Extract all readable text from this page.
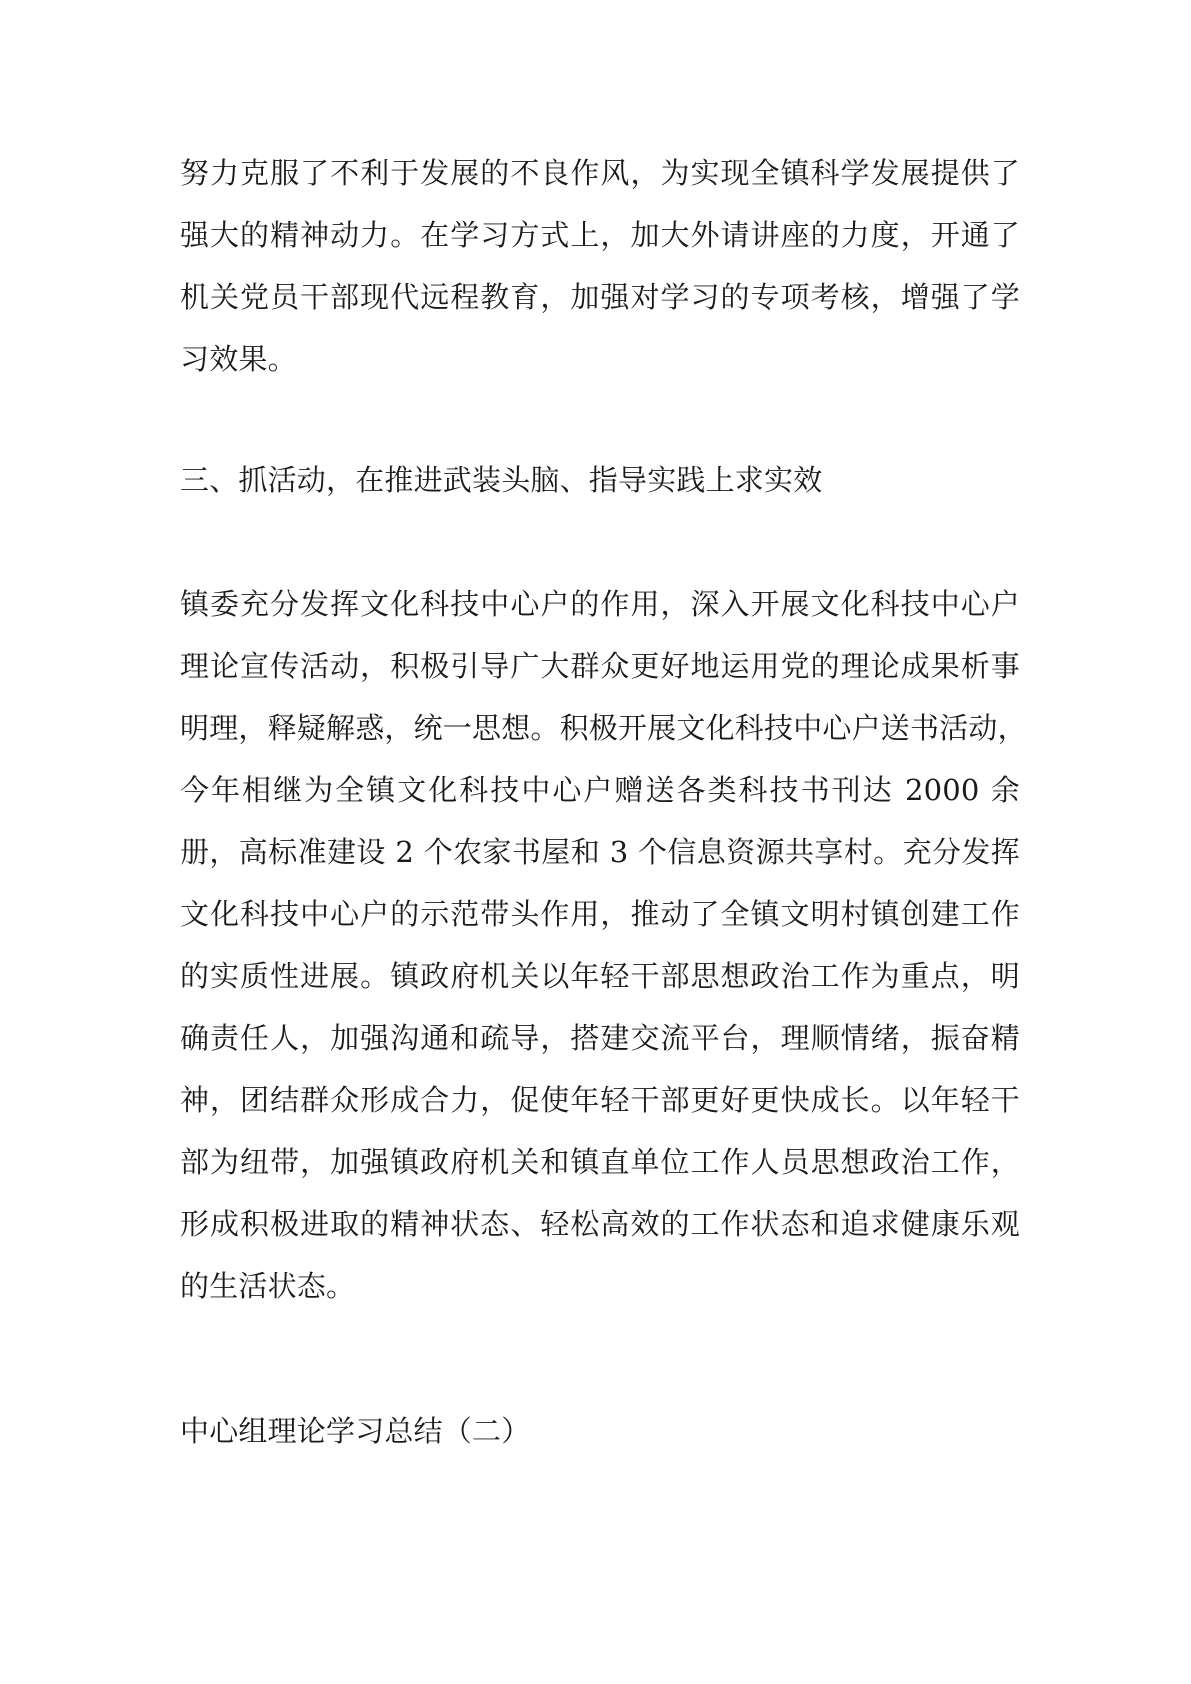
努力克服了不利于发展的不良作风，为实现全镇科学发展提供了
强大的精神动力。在学习方式上，加大外请讲座的力度，开通了
机关党员干部现代远程教育，加强对学习的专项考核，增强了学
习效果。
三、抓活动，在推进武装头脑、指导实践上求实效
镇委充分发挥文化科技中心户的作用，深入开展文化科技中心户
理论宣传活动，积极引导广大群众更好地运用党的理论成果析事
明理，释疑解惑，统一思想。积极开展文化科技中心户送书活动，
今年相继为全镇文化科技中心户赠送各类科技书刊达 2000 余
册，高标准建设 2 个农家书屋和 3 个信息资源共享村。充分发挥
文化科技中心户的示范带头作用，推动了全镇文明村镇创建工作
的实质性进展。镇政府机关以年轻干部思想政治工作为重点，明
确责任人，加强沟通和疏导，搭建交流平台，理顺情绪，振奋精
神，团结群众形成合力，促使年轻干部更好更快成长。以年轻干
部为纽带，加强镇政府机关和镇直单位工作人员思想政治工作，
形成积极进取的精神状态、轻松高效的工作状态和追求健康乐观
的生活状态。
中心组理论学习总结（二）
